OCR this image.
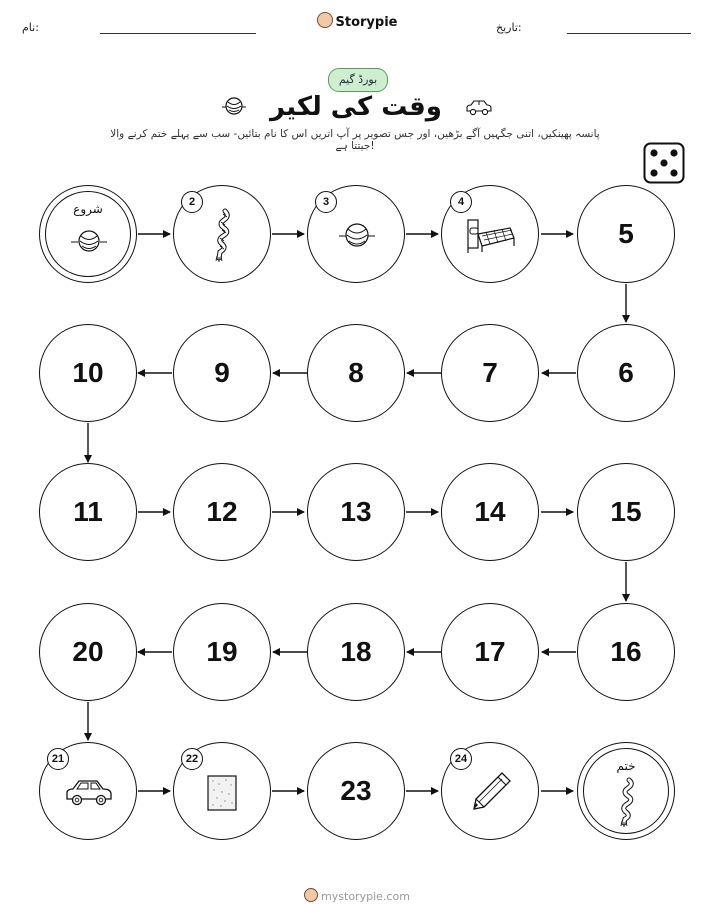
نام:	Storypie	تاریخ:
بورڈ گیم
وقت کی لکیر
پانسہ پھینکیں، اتنی جگہیں آگے بڑھیں، اور جس تصویر پر آپ اتریں اس کا نام بتائیں- سب سے پہلے ختم کرنے والا جیتتا ہے!
شروع
5
10	9	8	7	6
11	12	13	14	15
20	19	18	17	16
23
ختم
2	3	4
21	22	24
mystorypie.com
